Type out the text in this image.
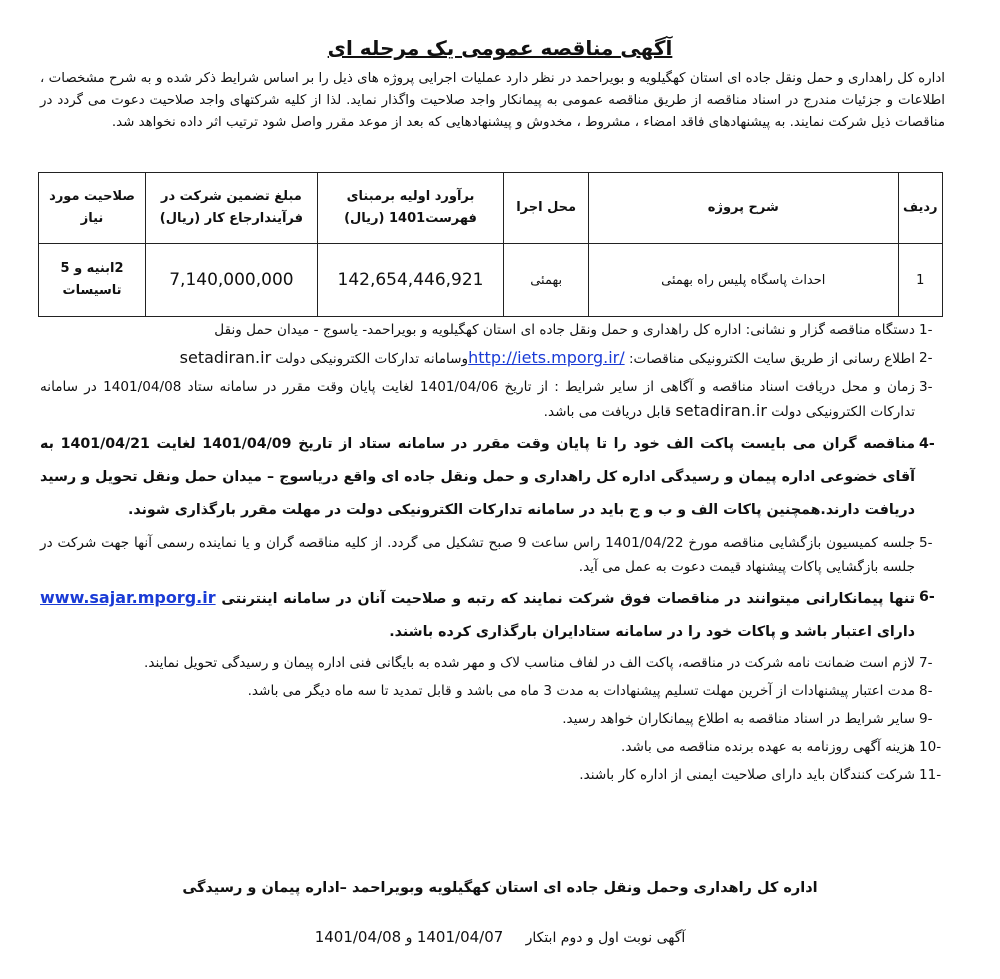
آگهی مناقصه عمومی یک مرحله ای
اداره کل راهداری و حمل ونقل جاده ای استان کهگیلویه و بویراحمد در نظر دارد عملیات اجرایی پروژه های ذیل را بر اساس شرایط ذکر شده و به شرح مشخصات ، اطلاعات و جزئیات مندرج در اسناد مناقصه از طریق مناقصه عمومی به پیمانکار واجد صلاحیت واگذار نماید. لذا از کلیه شرکتهای واجد صلاحیت دعوت می گردد در مناقصات ذیل شرکت نمایند. به پیشنهادهای فاقد امضاء ، مشروط ، مخدوش و پیشنهادهایی که بعد از موعد مقرر واصل شود ترتیب اثر داده نخواهد شد.
ردیف	شرح پروژه	محل اجرا	برآورد اولیه برمبنای فهرست1401 (ریال)	مبلغ تضمین شرکت در فرآیندارجاع کار (ریال)	صلاحیت مورد نیاز
1	احداث پاسگاه پلیس راه بهمئی	بهمئی	142,654,446,921	7,140,000,000	2ابنیه و 5 تاسیسات
1-
دستگاه مناقصه گزار و نشانی: اداره کل راهداری و حمل ونقل جاده ای استان کهگیلویه و بویراحمد- یاسوج - میدان حمل ونقل
2-
اطلاع رسانی از طریق سایت الکترونیکی مناقصات: http://iets.mporg.ir/وسامانه تدارکات الکترونیکی دولت setadiran.ir
3-
زمان و محل دریافت اسناد مناقصه و آگاهی از سایر شرایط : از تاریخ 1401/04/06 لغایت پایان وقت مقرر در سامانه ستاد 1401/04/08 در سامانه تدارکات الکترونیکی دولت setadiran.ir قابل دریافت می باشد.
4-
مناقصه گران می بایست پاکت الف خود را تا پایان وقت مقرر در سامانه ستاد از تاریخ 1401/04/09 لغایت 1401/04/21 به آقای خضوعی اداره پیمان و رسیدگی اداره کل راهداری و حمل ونقل جاده ای واقع دریاسوج – میدان حمل ونقل تحویل و رسید دریافت دارند.همچنین پاکات الف و ب و ج باید در سامانه تدارکات الکترونیکی دولت در مهلت مقرر بارگذاری شوند.
5-
جلسه کمیسیون بازگشایی مناقصه مورخ 1401/04/22 راس ساعت 9 صبح تشکیل می گردد. از کلیه مناقصه گران و یا نماینده رسمی آنها جهت شرکت در جلسه بازگشایی پاکات پیشنهاد قیمت دعوت به عمل می آید.
6-
تنها پیمانکارانی میتوانند در مناقصات فوق شرکت نمایند که رتبه و صلاحیت آنان در سامانه اینترنتی www.sajar.mporg.ir دارای اعتبار باشد و پاکات خود را در سامانه ستادایران بارگذاری کرده باشند.
7-
لازم است ضمانت نامه شرکت در مناقصه، پاکت الف در لفاف مناسب لاک و مهر شده به بایگانی فنی اداره پیمان و رسیدگی تحویل نمایند.
8-
مدت اعتبار پیشنهادات از آخرین مهلت تسلیم پیشنهادات به مدت 3 ماه می باشد و قابل تمدید تا سه ماه دیگر می باشد.
9-
سایر شرایط در اسناد مناقصه به اطلاع پیمانکاران خواهد رسید.
10-
هزینه آگهی روزنامه به عهده برنده مناقصه می باشد.
11-
شرکت کنندگان باید دارای صلاحیت ایمنی از اداره کار باشند.
اداره کل راهداری وحمل ونقل جاده ای استان کهگیلویه وبویراحمد –اداره پیمان و رسیدگی
آگهی نوبت اول و دوم ابتکار     1401/04/07 و 1401/04/08
